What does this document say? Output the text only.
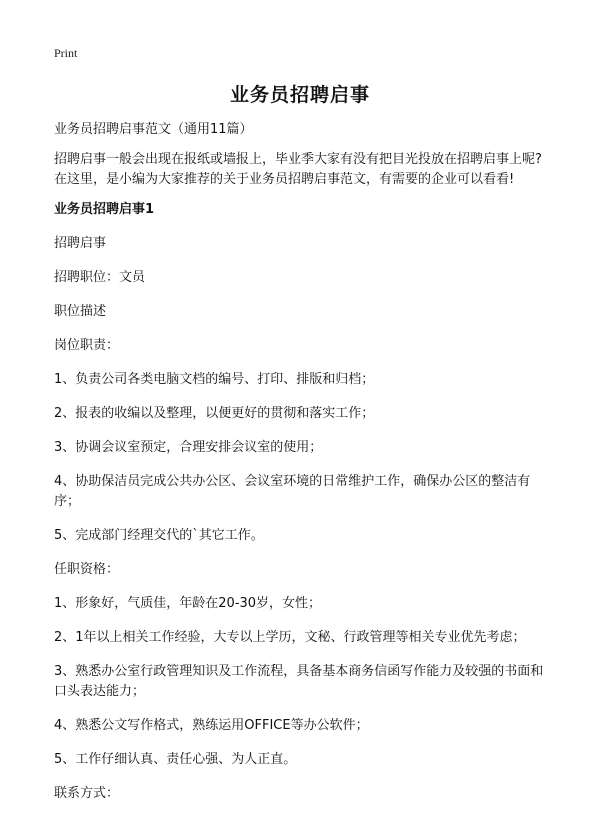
Print
业务员招聘启事

业务员招聘启事范文（通用11篇）

招聘启事一般会出现在报纸或墙报上，毕业季大家有没有把目光投放在招聘启事上呢?在这里，是小编为大家推荐的关于业务员招聘启事范文，有需要的企业可以看看!

业务员招聘启事1

招聘启事

招聘职位：文员

职位描述

岗位职责：

1、负责公司各类电脑文档的编号、打印、排版和归档；

2、报表的收编以及整理，以便更好的贯彻和落实工作；

3、协调会议室预定，合理安排会议室的使用；

4、协助保洁员完成公共办公区、会议室环境的日常维护工作，确保办公区的整洁有序；

5、完成部门经理交代的`其它工作。

任职资格：

1、形象好，气质佳，年龄在20-30岁，女性；

2、1年以上相关工作经验，大专以上学历，文秘、行政管理等相关专业优先考虑；

3、熟悉办公室行政管理知识及工作流程，具备基本商务信函写作能力及较强的书面和口头表达能力；

4、熟悉公文写作格式，熟练运用OFFICE等办公软件；

5、工作仔细认真、责任心强、为人正直。

联系方式：
